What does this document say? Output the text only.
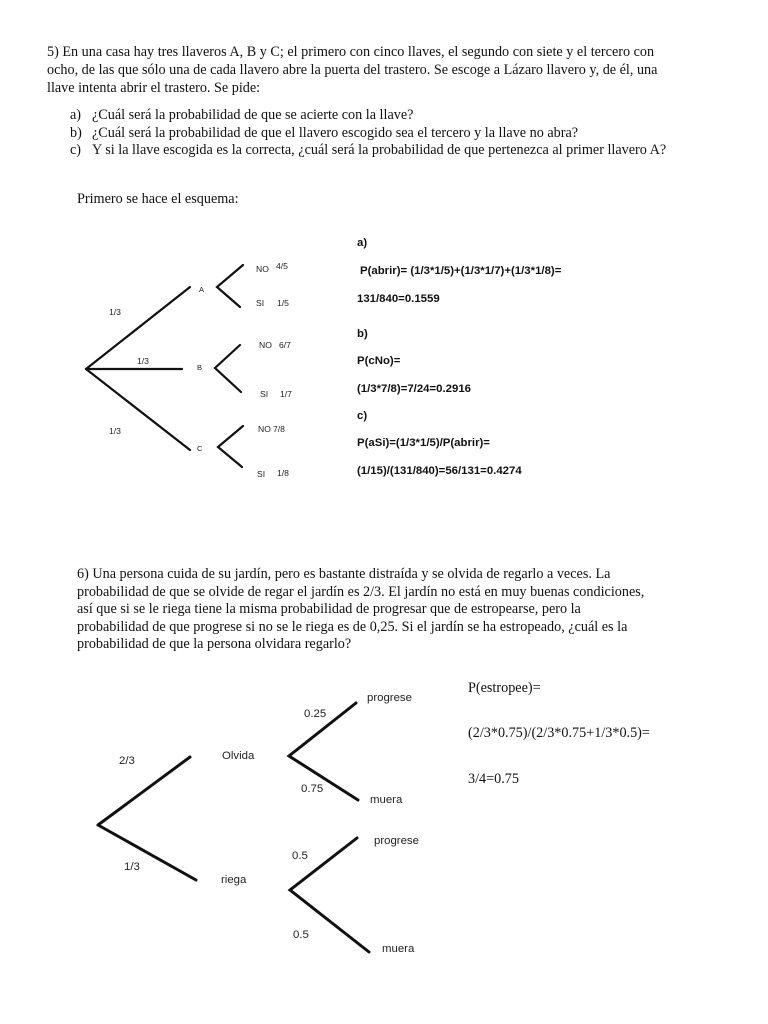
5) En una casa hay tres llaveros A, B y C; el primero con cinco llaves, el segundo con siete y el tercero con
ocho, de las que sólo una de cada llavero abre la puerta del trastero. Se escoge a Lázaro llavero y, de él, una
llave intenta abrir el trastero. Se pide:
a) ¿Cuál será la probabilidad de que se acierte con la llave?
b) ¿Cuál será la probabilidad de que el llavero escogido sea el tercero y la llave no abra?
c) Y si la llave escogida es la correcta, ¿cuál será la probabilidad de que pertenezca al primer llavero A?
Primero se hace el esquema:
1/3
1/3
1/3
A
B
C
NO 4/5
SI 1/5
NO 6/7
SI 1/7
NO 7/8
SI 1/8
a)
P(abrir)= (1/3*1/5)+(1/3*1/7)+(1/3*1/8)=
131/840=0.1559
b)
P(cNo)=
(1/3*7/8)=7/24=0.2916
c)
P(aSi)=(1/3*1/5)/P(abrir)=
(1/15)/(131/840)=56/131=0.4274
6) Una persona cuida de su jardín, pero es bastante distraída y se olvida de regarlo a veces. La
probabilidad de que se olvide de regar el jardín es 2/3. El jardín no está en muy buenas condiciones,
así que si se le riega tiene la misma probabilidad de progresar que de estropearse, pero la
probabilidad de que progrese si no se le riega es de 0,25. Si el jardín se ha estropeado, ¿cuál es la
probabilidad de que la persona olvidara regarlo?
2/3
1/3
Olvida
riega
0.25
0.75
0.5
0.5
progrese
muera
progrese
muera
P(estropee)=
(2/3*0.75)/(2/3*0.75+1/3*0.5)=
3/4=0.75
